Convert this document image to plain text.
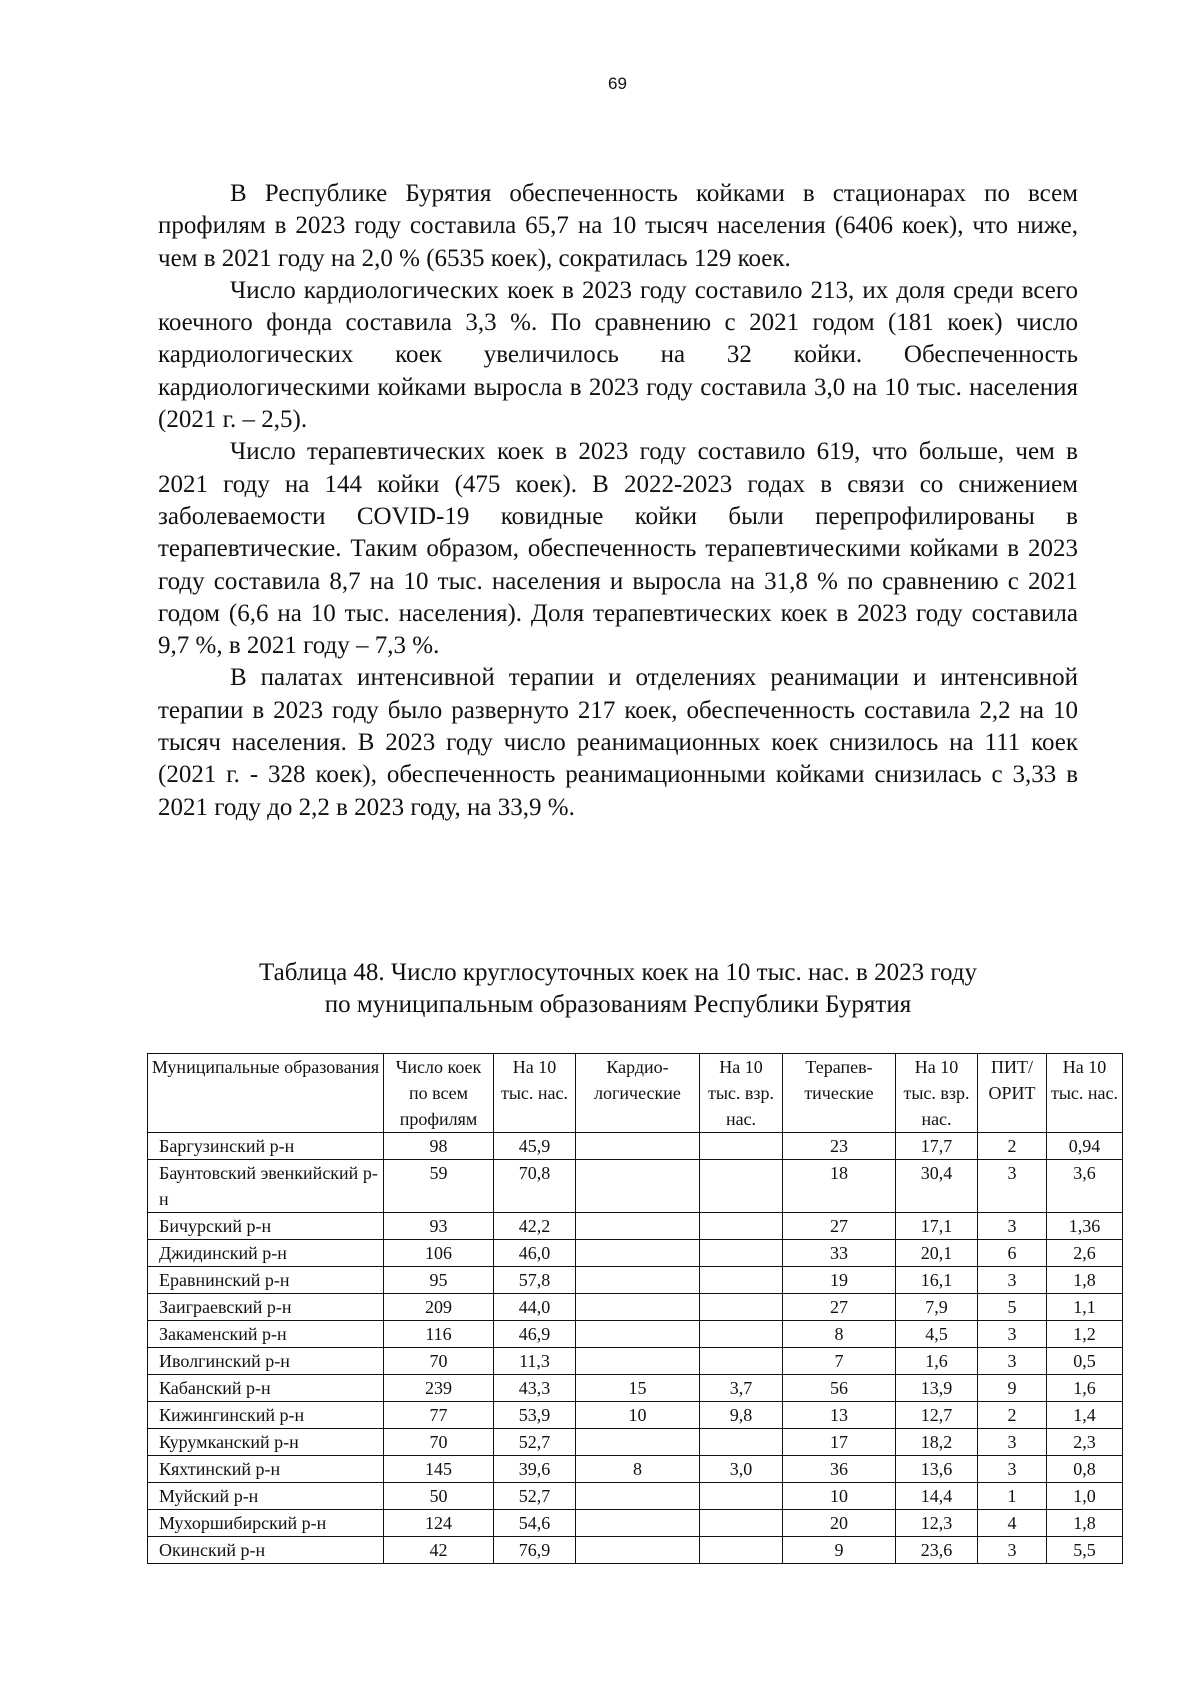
69

В Республике Бурятия обеспеченность койками в стационарах по всем профилям в 2023 году составила 65,7 на 10 тысяч населения (6406 коек), что ниже, чем в 2021 году на 2,0 % (6535 коек), сократилась 129 коек.

Число кардиологических коек в 2023 году составило 213, их доля среди всего коечного фонда составила 3,3 %. По сравнению с 2021 годом (181 коек) число кардиологических коек увеличилось на 32 койки. Обеспеченность кардиологическими койками выросла в 2023 году составила 3,0 на 10 тыс. населения (2021 г. – 2,5).

Число терапевтических коек в 2023 году составило 619, что больше, чем в 2021 году на 144 койки (475 коек). В 2022-2023 годах в связи со снижением заболеваемости COVID-19 ковидные койки были перепрофилированы в терапевтические. Таким образом, обеспеченность терапевтическими койками в 2023 году составила 8,7 на 10 тыс. населения и выросла на 31,8 % по сравнению с 2021 годом (6,6 на 10 тыс. населения). Доля терапевтических коек в 2023 году составила 9,7 %, в 2021 году – 7,3 %.

В палатах интенсивной терапии и отделениях реанимации и интенсивной терапии в 2023 году было развернуто 217 коек, обеспеченность составила 2,2 на 10 тысяч населения. В 2023 году число реанимационных коек снизилось на 111 коек (2021 г. - 328 коек), обеспеченность реанимационными койками снизилась с 3,33 в 2021 году до 2,2 в 2023 году, на 33,9 %.

Таблица 48. Число круглосуточных коек на 10 тыс. нас. в 2023 году
по муниципальным образованиям Республики Бурятия
Муниципальные образования	Число коек по всем профилям	На 10 тыс. нас.	Кардио-логические	На 10 тыс. взр. нас.	Терапев-тические	На 10 тыс. взр. нас.	ПИТ/ ОРИТ	На 10 тыс. нас.
Баргузинский р-н	98	45,9			23	17,7	2	0,94
Баунтовский эвенкийский р-н	59	70,8			18	30,4	3	3,6
Бичурский р-н	93	42,2			27	17,1	3	1,36
Джидинский р-н	106	46,0			33	20,1	6	2,6
Еравнинский р-н	95	57,8			19	16,1	3	1,8
Заиграевский р-н	209	44,0			27	7,9	5	1,1
Закаменский р-н	116	46,9			8	4,5	3	1,2
Иволгинский р-н	70	11,3			7	1,6	3	0,5
Кабанский р-н	239	43,3	15	3,7	56	13,9	9	1,6
Кижингинский р-н	77	53,9	10	9,8	13	12,7	2	1,4
Курумканский р-н	70	52,7			17	18,2	3	2,3
Кяхтинский р-н	145	39,6	8	3,0	36	13,6	3	0,8
Муйский р-н	50	52,7			10	14,4	1	1,0
Мухоршибирский р-н	124	54,6			20	12,3	4	1,8
Окинский р-н	42	76,9			9	23,6	3	5,5
